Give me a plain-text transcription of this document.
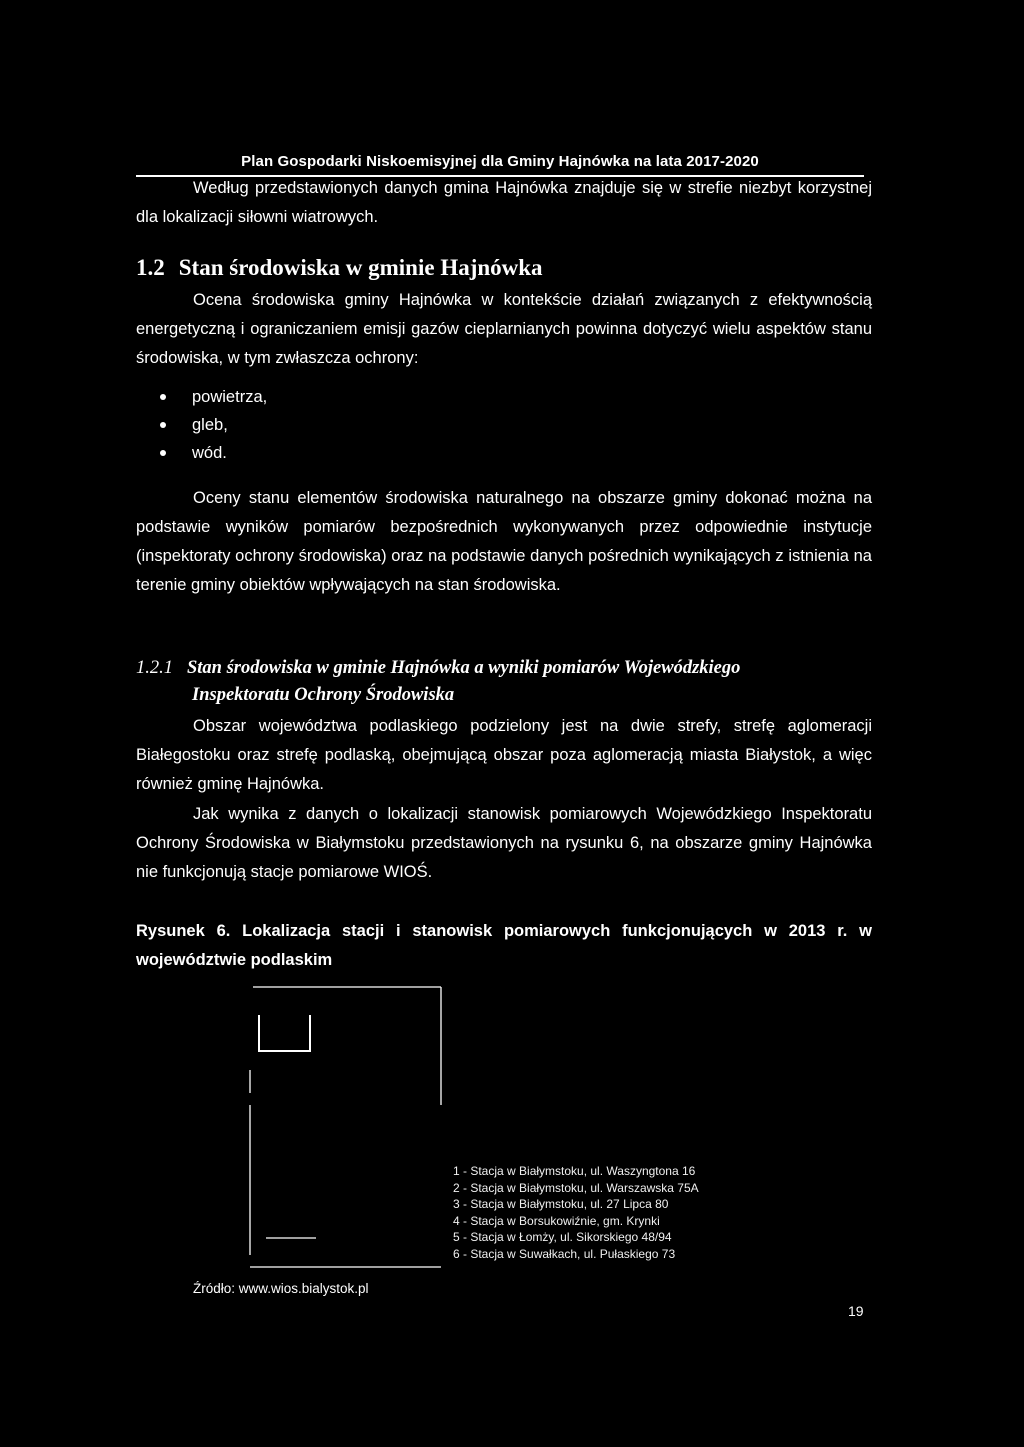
Plan Gospodarki Niskoemisyjnej dla Gminy Hajnówka na lata 2017-2020

Według przedstawionych danych gmina Hajnówka znajduje się w strefie niezbyt korzystnej dla lokalizacji siłowni wiatrowych.

1.2 Stan środowiska w gminie Hajnówka

Ocena środowiska gminy Hajnówka w kontekście działań związanych z efektywnością energetyczną i ograniczaniem emisji gazów cieplarnianych powinna dotyczyć wielu aspektów stanu środowiska, w tym zwłaszcza ochrony:

powietrza,
gleb,
wód.

Oceny stanu elementów środowiska naturalnego na obszarze gminy dokonać można na podstawie wyników pomiarów bezpośrednich wykonywanych przez odpowiednie instytucje (inspektoraty ochrony środowiska) oraz na podstawie danych pośrednich wynikających z istnienia na terenie gminy obiektów wpływających na stan środowiska.

1.2.1 Stan środowiska w gminie Hajnówka a wyniki pomiarów Wojewódzkiego
Inspektoratu Ochrony Środowiska

Obszar województwa podlaskiego podzielony jest na dwie strefy, strefę aglomeracji Białegostoku oraz strefę podlaską, obejmującą obszar poza aglomeracją miasta Białystok, a więc również gminę Hajnówka.

Jak wynika z danych o lokalizacji stanowisk pomiarowych Wojewódzkiego Inspektoratu Ochrony Środowiska w Białymstoku przedstawionych na rysunku 6, na obszarze gminy Hajnówka nie funkcjonują stacje pomiarowe WIOŚ.

Rysunek 6. Lokalizacja stacji i stanowisk pomiarowych funkcjonujących w 2013 r. w województwie podlaskim
1 - Stacja w Białymstoku, ul. Waszyngtona 16
2 - Stacja w Białymstoku, ul. Warszawska 75A
3 - Stacja w Białymstoku, ul. 27 Lipca 80
4 - Stacja w Borsukowiźnie, gm. Krynki
5 - Stacja w Łomży, ul. Sikorskiego 48/94
6 - Stacja w Suwałkach, ul. Pułaskiego 73
Źródło: www.wios.bialystok.pl
19
